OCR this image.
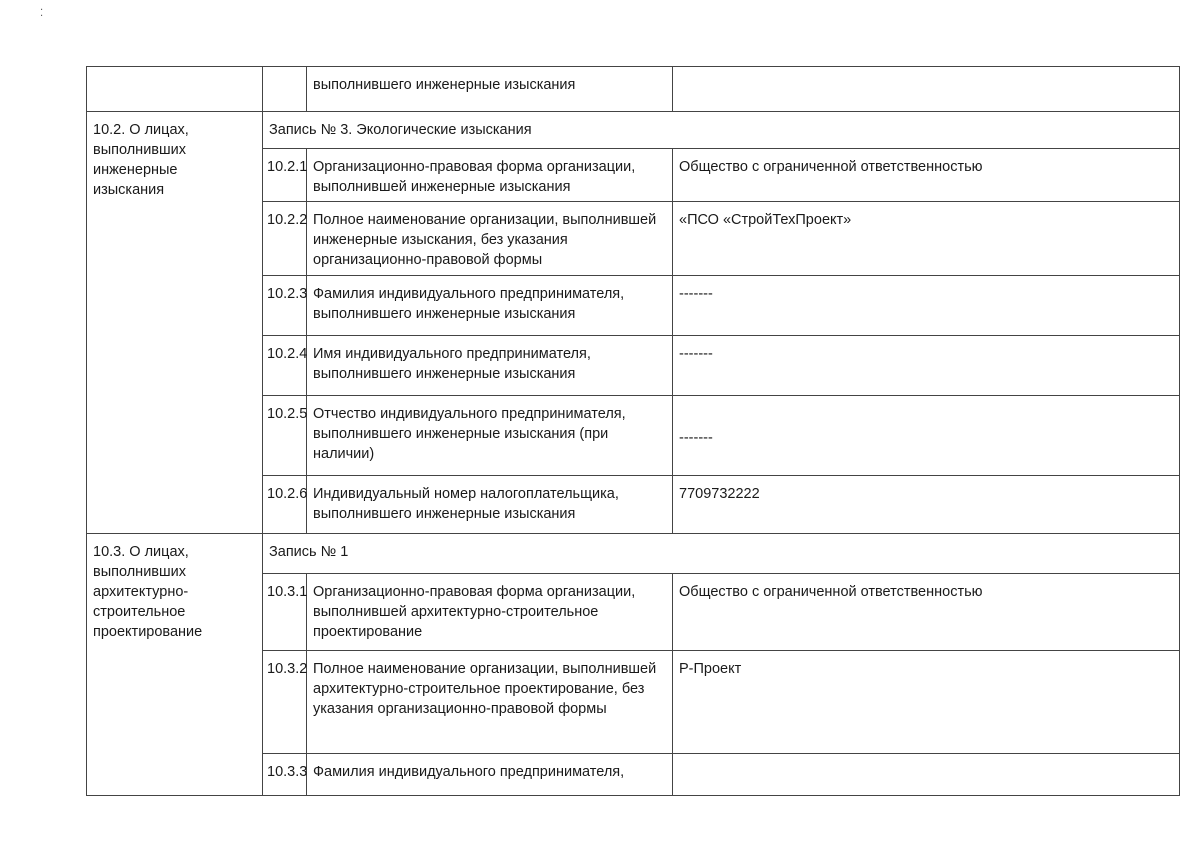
⁚
		выполнившего инженерные изыскания	
10.2. О лицах, выполнивших инженерные изыскания	Запись № 3. Экологические изыскания		
	10.2.1	Организационно-правовая форма организации, выполнившей инженерные изыскания	Общество с ограниченной ответственностью
	10.2.2	Полное наименование организации, выполнившей инженерные изыскания, без указания организационно-правовой формы	«ПСО «СтройТехПроект»
	10.2.3	Фамилия индивидуального предпринимателя, выполнившего инженерные изыскания	-------
	10.2.4	Имя индивидуального предпринимателя, выполнившего инженерные изыскания	-------
	10.2.5	Отчество индивидуального предпринимателя, выполнившего инженерные изыскания (при наличии)	-------
	10.2.6	Индивидуальный номер налогоплательщика, выполнившего инженерные изыскания	7709732222
10.3. О лицах, выполнивших архитектурно-строительное проектирование	Запись № 1		
	10.3.1	Организационно-правовая форма организации, выполнившей архитектурно-строительное проектирование	Общество с ограниченной ответственностью
	10.3.2	Полное наименование организации, выполнившей архитектурно-строительное проектирование, без указания организационно-правовой формы	Р-Проект
	10.3.3	Фамилия индивидуального предпринимателя,	
